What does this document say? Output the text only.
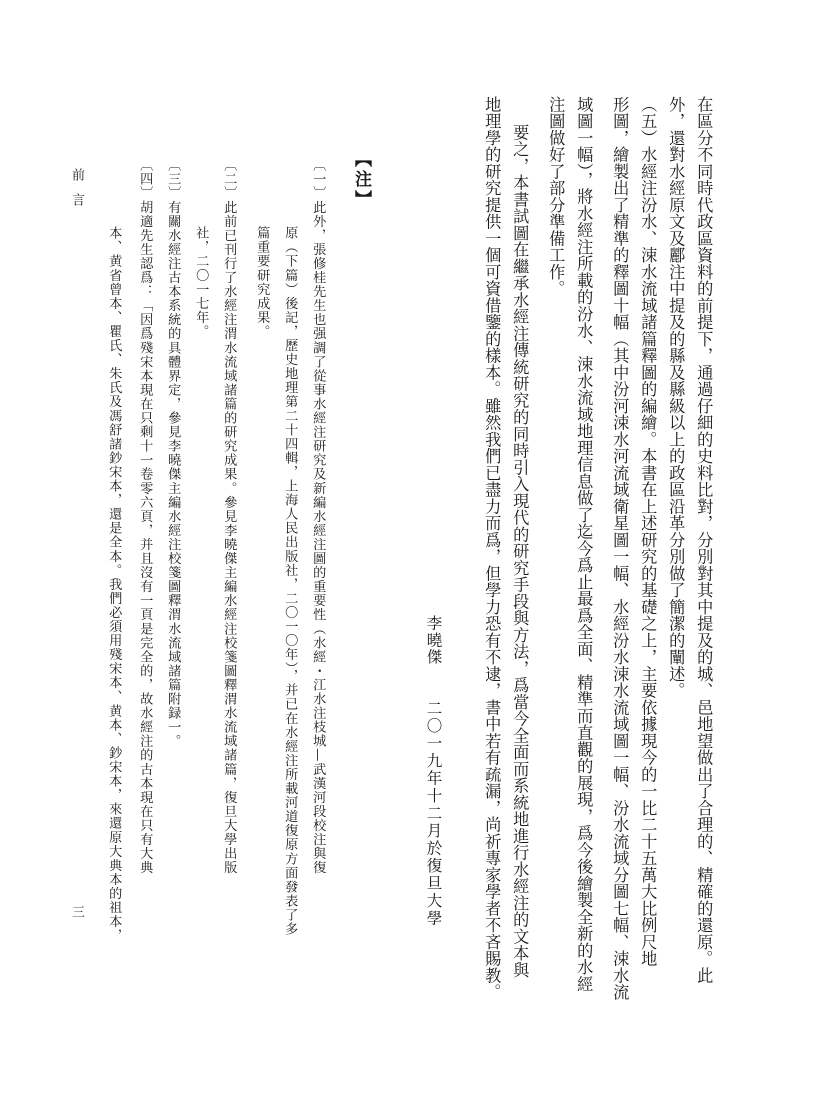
在區分不同時代政區資料的前提下，通過仔細的史料比對，分別對其中提及的城、邑地望做出了合理的、精確的還原。此
外，還對水經原文及酈注中提及的縣及縣級以上的政區沿革分別做了簡潔的闡述。
（五）水經注汾水、涑水流域諸篇釋圖的編繪。本書在上述研究的基礎之上，主要依據現今的一比二十五萬大比例尺地
形圖，繪製出了精準的釋圖十幅（其中汾河涑水河流域衛星圖一幅、水經汾水涑水流域圖一幅、汾水流域分圖七幅、涑水流
域圖一幅），將水經注所載的汾水、涑水流域地理信息做了迄今爲止最爲全面、精準而直觀的展現，爲今後繪製全新的水經
注圖做好了部分準備工作。
要之，本書試圖在繼承水經注傳統研究的同時引入現代的研究手段與方法，爲當今全面而系統地進行水經注的文本與
地理學的研究提供一個可資借鑒的樣本。雖然我們已盡力而爲，但學力恐有不逮，書中若有疏漏，尚祈專家學者不吝賜教。
李曉傑
二〇一九年十二月於復旦大學
【注】
〔一〕此外，張修桂先生也强調了從事水經注研究及新編水經注圖的重要性（水經・江水注枝城—武漢河段校注與復
原（下篇）後記，歷史地理第二十四輯，上海人民出版社，二〇一〇年），并已在水經注所載河道復原方面發表了多
篇重要研究成果。
〔二〕此前已刊行了水經注渭水流域諸篇的研究成果。參見李曉傑主編水經注校箋圖釋渭水流域諸篇，復旦大學出版
社，二〇一七年。
〔三〕有關水經注古本系統的具體界定，參見李曉傑主編水經注校箋圖釋渭水流域諸篇附録一。
〔四〕胡適先生認爲：「因爲殘宋本現在只剩十一卷零六頁，并且沒有一頁是完全的，故水經注的古本現在只有大典
本、黄省曾本、瞿氏、朱氏及馮舒諸鈔宋本，還是全本。我們必須用殘宋本、黄本、鈔宋本，來還原大典本的祖本，
前言
三
